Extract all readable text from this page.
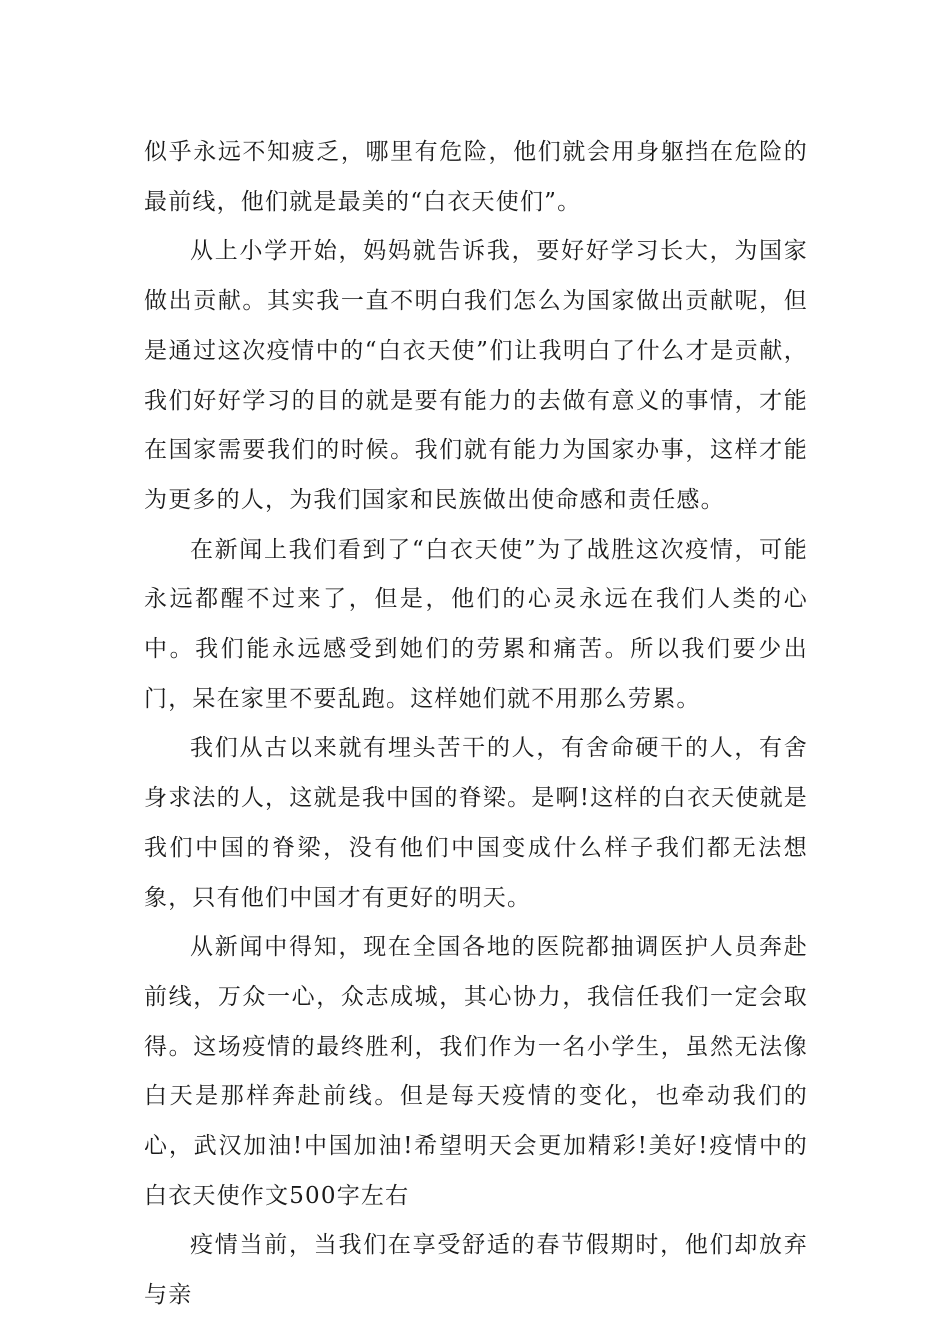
似乎永远不知疲乏，哪里有危险，他们就会用身躯挡在危险的最前线，他们就是最美的“白衣天使们”。

从上小学开始，妈妈就告诉我，要好好学习长大，为国家做出贡献。其实我一直不明白我们怎么为国家做出贡献呢，但是通过这次疫情中的“白衣天使”们让我明白了什么才是贡献，我们好好学习的目的就是要有能力的去做有意义的事情，才能在国家需要我们的时候。我们就有能力为国家办事，这样才能为更多的人，为我们国家和民族做出使命感和责任感。

在新闻上我们看到了“白衣天使”为了战胜这次疫情，可能永远都醒不过来了，但是，他们的心灵永远在我们人类的心中。我们能永远感受到她们的劳累和痛苦。所以我们要少出门，呆在家里不要乱跑。这样她们就不用那么劳累。

我们从古以来就有埋头苦干的人，有舍命硬干的人，有舍身求法的人，这就是我中国的脊梁。是啊!这样的白衣天使就是我们中国的脊梁，没有他们中国变成什么样子我们都无法想象，只有他们中国才有更好的明天。

从新闻中得知，现在全国各地的医院都抽调医护人员奔赴前线，万众一心，众志成城，其心协力，我信任我们一定会取得。这场疫情的最终胜利，我们作为一名小学生，虽然无法像白天是那样奔赴前线。但是每天疫情的变化，也牵动我们的心，武汉加油!中国加油!希望明天会更加精彩!美好!疫情中的白衣天使作文500字左右

疫情当前，当我们在享受舒适的春节假期时，他们却放弃与亲
